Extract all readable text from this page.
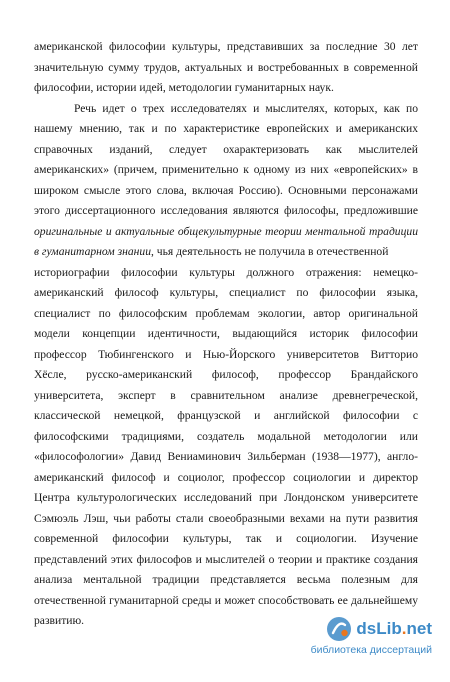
американской философии культуры, представивших за последние 30 лет
значительную сумму трудов, актуальных и востребованных в современной
философии, истории идей, методологии гуманитарных наук.
Речь идет о трех исследователях и мыслителях, которых, как по
нашему мнению, так и по характеристике европейских и американских
справочных изданий, следует охарактеризовать как мыслителей
американских» (причем, применительно к одному из них «европейских» в
широком смысле этого слова, включая Россию). Основными персонажами
этого диссертационного исследования являются философы, предложившие
оригинальные и актуальные общекультурные теории ментальной традиции
в гуманитарном знании, чья деятельность не получила в отечественной
историографии философии культуры должного отражения: немецко-
американский философ культуры, специалист по философии языка,
специалист по философским проблемам экологии, автор оригинальной
модели концепции идентичности, выдающийся историк философии
профессор Тюбингенского и Нью-Йорского университетов Витторио
Хёсле, русско-американский философ, профессор Брандайского
университета, эксперт в сравнительном анализе древнегреческой,
классической немецкой, французской и английской философии с
философскими традициями, создатель модальной методологии или
«философологии» Давид Вениаминович Зильберман (1938—1977), англо-
американский философ и социолог, профессор социологии и директор
Центра культурологических исследований при Лондонском университете
Сэмюэль Лэш, чьи работы стали своеобразными вехами на пути развития
современной философии культуры, так и социологии. Изучение
представлений этих философов и мыслителей о теории и практике создания
анализа ментальной традиции представляется весьма полезным для
отечественной гуманитарной среды и может способствовать ее дальнейшему
развитию.	dsLib.net
библиотека диссертаций
